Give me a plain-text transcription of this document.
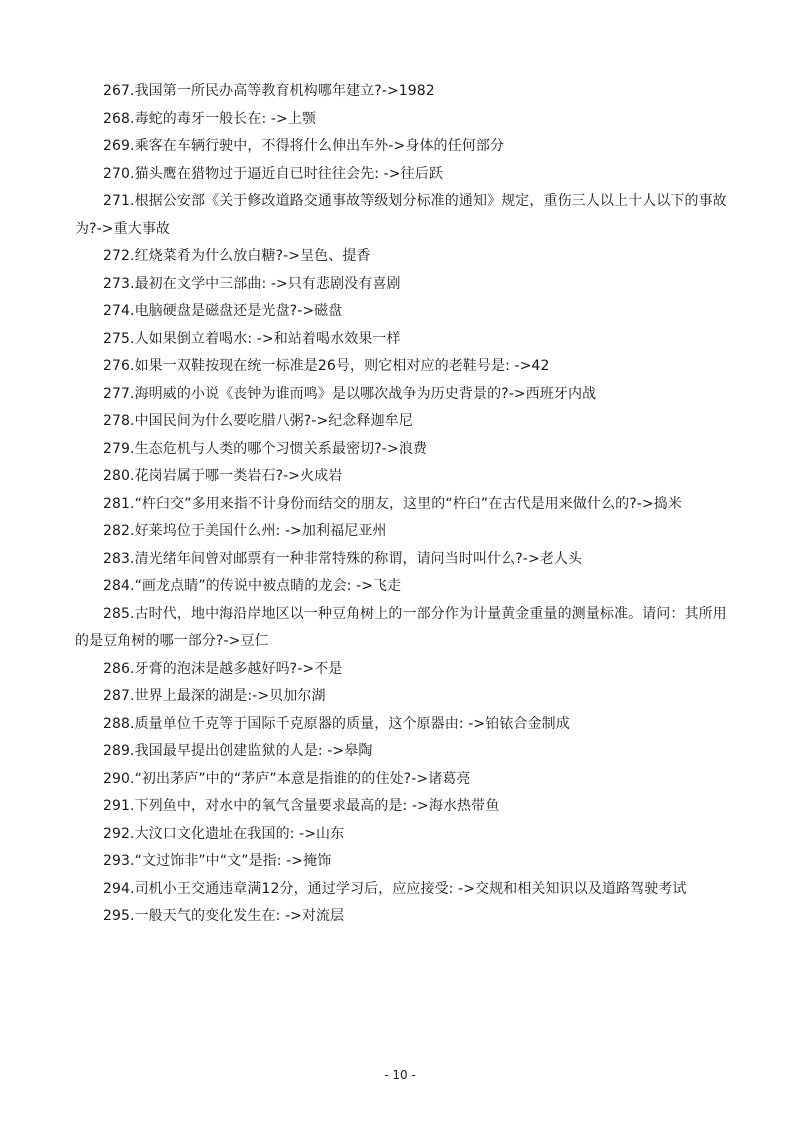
267.我国第一所民办高等教育机构哪年建立?->1982
268.毒蛇的毒牙一般长在: ->上颚
269.乘客在车辆行驶中，不得将什么伸出车外->身体的任何部分
270.猫头鹰在猎物过于逼近自已时往往会先: ->往后跃
271.根据公安部《关于修改道路交通事故等级划分标准的通知》规定，重伤三人以上十人以下的事故为?->重大事故
272.红烧菜肴为什么放白糖?->呈色、提香
273.最初在文学中三部曲: ->只有悲剧没有喜剧
274.电脑硬盘是磁盘还是光盘?->磁盘
275.人如果倒立着喝水: ->和站着喝水效果一样
276.如果一双鞋按现在统一标准是26号，则它相对应的老鞋号是: ->42
277.海明威的小说《丧钟为谁而鸣》是以哪次战争为历史背景的?->西班牙内战
278.中国民间为什么要吃腊八粥?->纪念释迦牟尼
279.生态危机与人类的哪个习惯关系最密切?->浪费
280.花岗岩属于哪一类岩石?->火成岩
281.“杵臼交”多用来指不计身份而结交的朋友，这里的“杵臼”在古代是用来做什么的?->捣米
282.好莱坞位于美国什么州: ->加利福尼亚州
283.清光绪年间曾对邮票有一种非常特殊的称谓，请问当时叫什么?->老人头
284.“画龙点睛”的传说中被点睛的龙会: ->飞走
285.古时代，地中海沿岸地区以一种豆角树上的一部分作为计量黄金重量的测量标准。请问：其所用的是豆角树的哪一部分?->豆仁
286.牙膏的泡沫是越多越好吗?->不是
287.世界上最深的湖是:->贝加尔湖
288.质量单位千克等于国际千克原器的质量，这个原器由: ->铂铱合金制成
289.我国最早提出创建监狱的人是: ->皋陶
290.“初出茅庐”中的“茅庐”本意是指谁的的住处?->诸葛亮
291.下列鱼中，对水中的氧气含量要求最高的是: ->海水热带鱼
292.大汶口文化遗址在我国的: ->山东
293.“文过饰非”中“文”是指: ->掩饰
294.司机小王交通违章满12分，通过学习后，应应接受: ->交规和相关知识以及道路驾驶考试
295.一般天气的变化发生在: ->对流层
- 10 -
